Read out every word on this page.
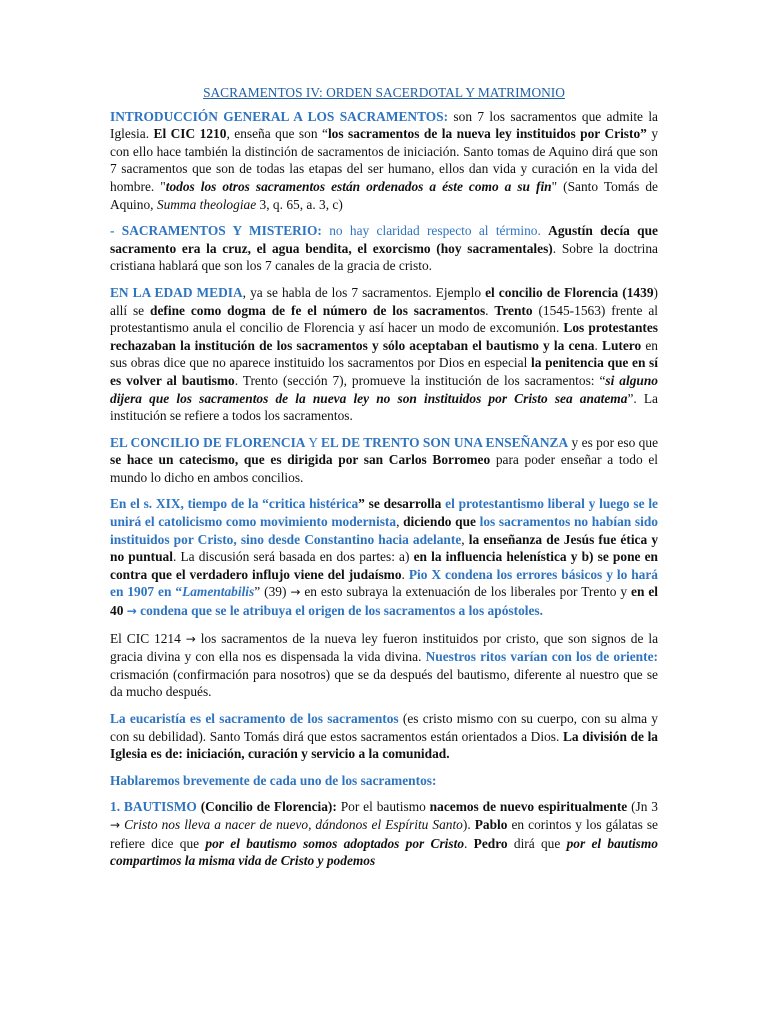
SACRAMENTOS IV: ORDEN SACERDOTAL Y MATRIMONIO

INTRODUCCIÓN GENERAL A LOS SACRAMENTOS: son 7 los sacramentos que admite la Iglesia. El CIC 1210, enseña que son “los sacramentos de la nueva ley instituidos por Cristo” y con ello hace también la distinción de sacramentos de iniciación. Santo tomas de Aquino dirá que son 7 sacramentos que son de todas las etapas del ser humano, ellos dan vida y curación en la vida del hombre. "todos los otros sacramentos están ordenados a éste como a su fin" (Santo Tomás de Aquino, Summa theologiae 3, q. 65, a. 3, c)

- SACRAMENTOS Y MISTERIO: no hay claridad respecto al término. Agustín decía que sacramento era la cruz, el agua bendita, el exorcismo (hoy sacramentales). Sobre la doctrina cristiana hablará que son los 7 canales de la gracia de cristo.

EN LA EDAD MEDIA, ya se habla de los 7 sacramentos. Ejemplo el concilio de Florencia (1439) allí se define como dogma de fe el número de los sacramentos. Trento (1545-1563) frente al protestantismo anula el concilio de Florencia y así hacer un modo de excomunión. Los protestantes rechazaban la institución de los sacramentos y sólo aceptaban el bautismo y la cena. Lutero en sus obras dice que no aparece instituido los sacramentos por Dios en especial la penitencia que en sí es volver al bautismo. Trento (sección 7), promueve la institución de los sacramentos: “si alguno dijera que los sacramentos de la nueva ley no son instituidos por Cristo sea anatema”. La institución se refiere a todos los sacramentos.

EL CONCILIO DE FLORENCIA Y EL DE TRENTO SON UNA ENSEÑANZA y es por eso que se hace un catecismo, que es dirigida por san Carlos Borromeo para poder enseñar a todo el mundo lo dicho en ambos concilios.

En el s. XIX, tiempo de la “critica histérica” se desarrolla el protestantismo liberal y luego se le unirá el catolicismo como movimiento modernista, diciendo que los sacramentos no habían sido instituidos por Cristo, sino desde Constantino hacia adelante, la enseñanza de Jesús fue ética y no puntual. La discusión será basada en dos partes: a) en la influencia helenística y b) se pone en contra que el verdadero influjo viene del judaísmo. Pio X condena los errores básicos y lo hará en 1907 en “Lamentabilis” (39) → en esto subraya la extenuación de los liberales por Trento y en el 40 → condena que se le atribuya el origen de los sacramentos a los apóstoles.

El CIC 1214 → los sacramentos de la nueva ley fueron instituidos por cristo, que son signos de la gracia divina y con ella nos es dispensada la vida divina. Nuestros ritos varían con los de oriente: crismación (confirmación para nosotros) que se da después del bautismo, diferente al nuestro que se da mucho después.

La eucaristía es el sacramento de los sacramentos (es cristo mismo con su cuerpo, con su alma y con su debilidad). Santo Tomás dirá que estos sacramentos están orientados a Dios. La división de la Iglesia es de: iniciación, curación y servicio a la comunidad.

Hablaremos brevemente de cada uno de los sacramentos:

1. BAUTISMO (Concilio de Florencia): Por el bautismo nacemos de nuevo espiritualmente (Jn 3 → Cristo nos lleva a nacer de nuevo, dándonos el Espíritu Santo). Pablo en corintos y los gálatas se refiere dice que por el bautismo somos adoptados por Cristo. Pedro dirá que por el bautismo compartimos la misma vida de Cristo y podemos
